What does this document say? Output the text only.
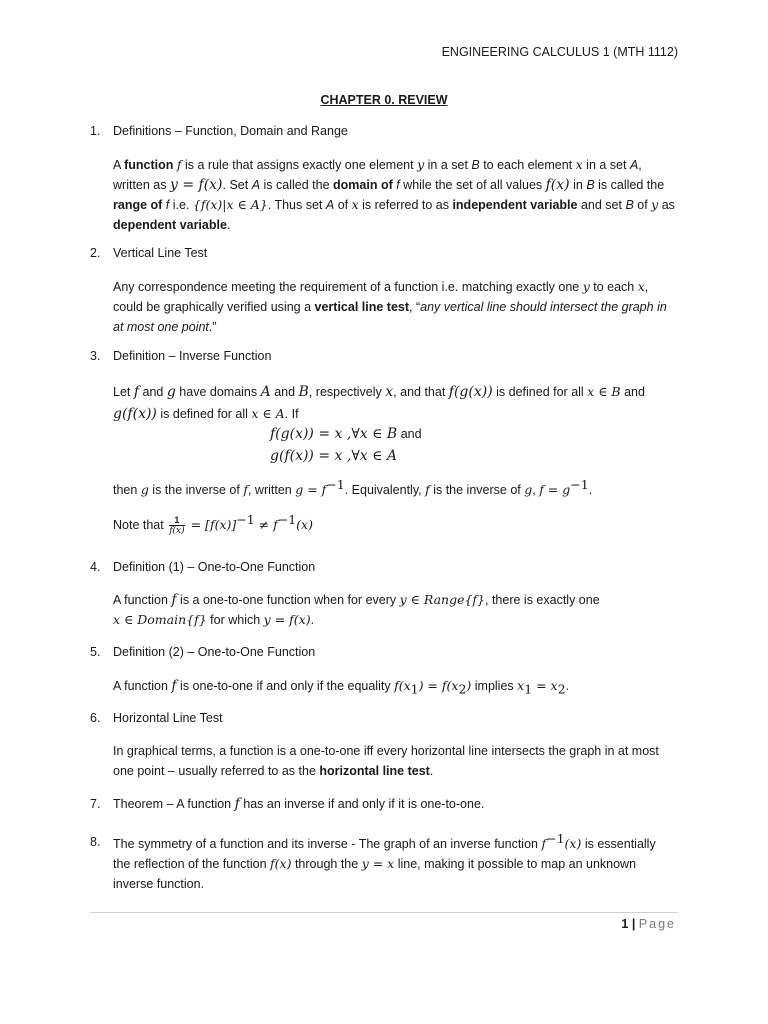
ENGINEERING CALCULUS 1 (MTH 1112)
CHAPTER 0. REVIEW
1. Definitions – Function, Domain and Range
A function f is a rule that assigns exactly one element y in a set B to each element x in a set A,
written as y = f(x). Set A is called the domain of f while the set of all values f(x) in B is called the
range of f i.e. {f(x)|x ∈ A}. Thus set A of x is referred to as independent variable and set B of y as
dependent variable.
2. Vertical Line Test
Any correspondence meeting the requirement of a function i.e. matching exactly one y to each x,
could be graphically verified using a vertical line test, “any vertical line should intersect the graph in at most one point.”
3. Definition – Inverse Function
Let f and g have domains A and B, respectively x, and that f(g(x)) is defined for all x ∈ B and
g(f(x)) is defined for all x ∈ A. If
f(g(x)) = x ,∀x ∈ B and
g(f(x)) = x ,∀x ∈ A
then g is the inverse of f, written $g = f^{-1}$. Equivalently, f is the inverse of g, $f = g^{-1}$.
Note that $\frac{1}{f(x)} = [f(x)]^{-1} \ne f^{-1}(x)$
4. Definition (1) – One-to-One Function
A function f is a one-to-one function when for every y ∈ Range{f}, there is exactly one
x ∈ Domain{f} for which y = f(x).
5. Definition (2) – One-to-One Function
A function f is one-to-one if and only if the equality $f(x_1) = f(x_2)$ implies $x_1 = x_2$.
6. Horizontal Line Test
In graphical terms, a function is a one-to-one iff every horizontal line intersects the graph in at most one point – usually referred to as the horizontal line test.
7. Theorem – A function f has an inverse if and only if it is one-to-one.
8.	The symmetry of a function and its inverse - The graph of an inverse function $f^{-1}(x)$ is essentially
the reflection of the function f(x) through the y = x line, making it possible to map an unknown inverse function.
1 | Page
